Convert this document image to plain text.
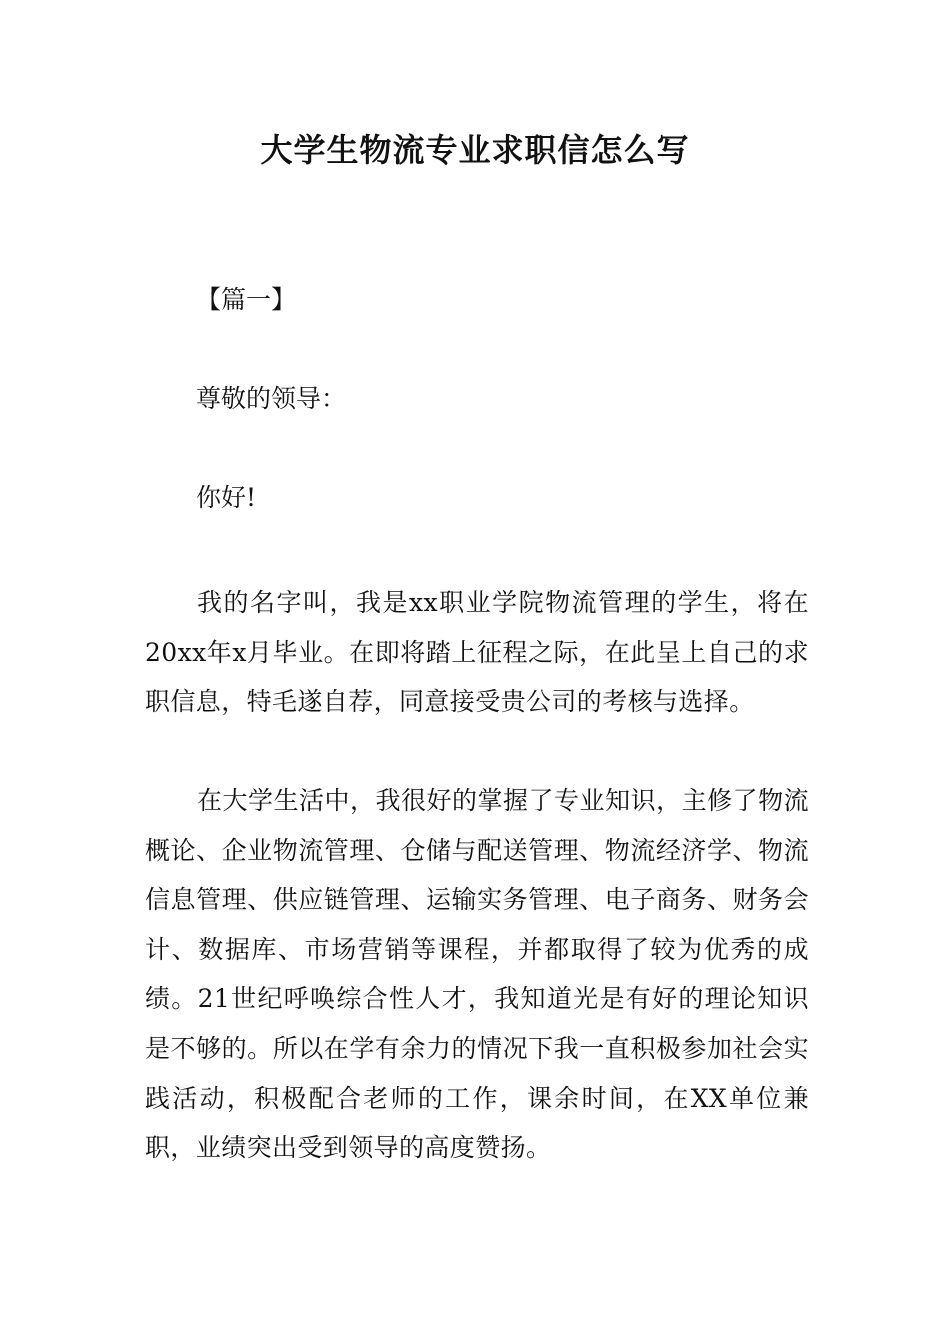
大学生物流专业求职信怎么写
【篇一】
尊敬的领导：
你好!

我的名字叫，我是xx职业学院物流管理的学生，将在20xx年x月毕业。在即将踏上征程之际，在此呈上自己的求职信息，特毛遂自荐，同意接受贵公司的考核与选择。

在大学生活中，我很好的掌握了专业知识，主修了物流概论、企业物流管理、仓储与配送管理、物流经济学、物流信息管理、供应链管理、运输实务管理、电子商务、财务会计、数据库、市场营销等课程，并都取得了较为优秀的成绩。21世纪呼唤综合性人才，我知道光是有好的理论知识是不够的。所以在学有余力的情况下我一直积极参加社会实践活动，积极配合老师的工作，课余时间，在XX单位兼职，业绩突出受到领导的高度赞扬。
